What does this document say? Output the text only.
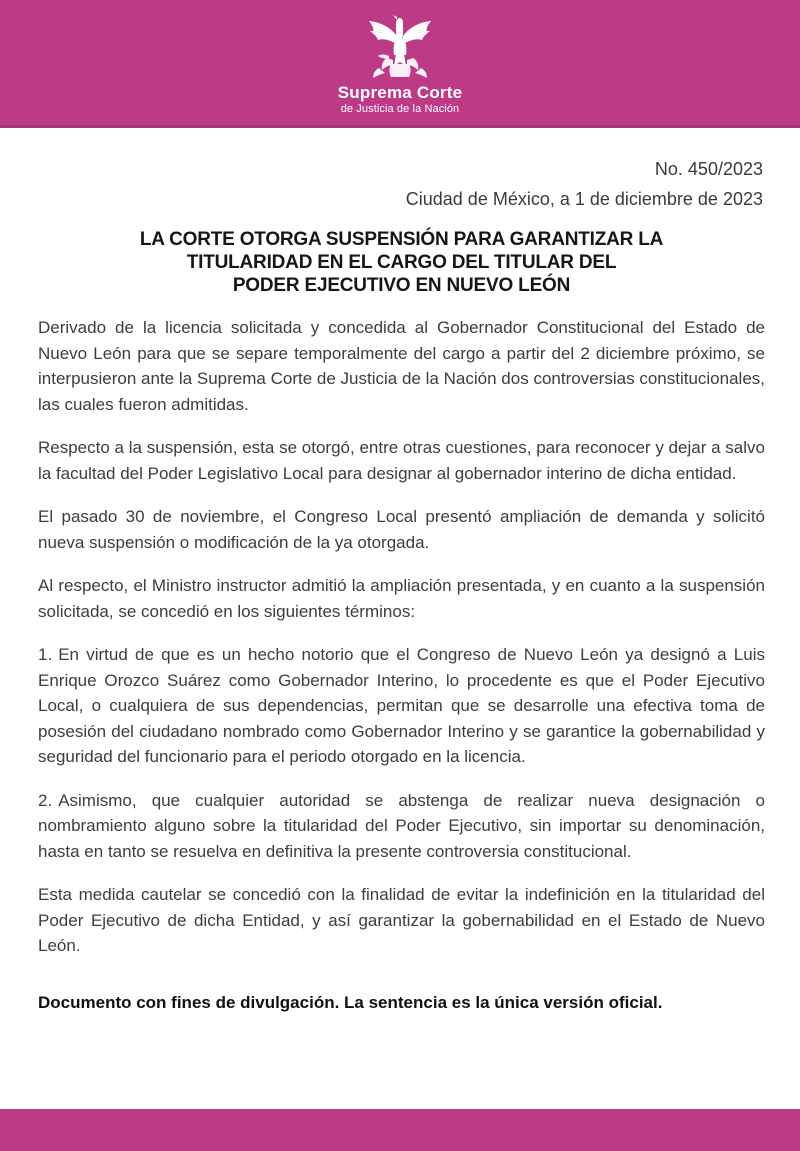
Suprema Corte
de Justicia de la Nación
No. 450/2023
Ciudad de México, a 1 de diciembre de 2023
LA CORTE OTORGA SUSPENSIÓN PARA GARANTIZAR LA
TITULARIDAD EN EL CARGO DEL TITULAR DEL
PODER EJECUTIVO EN NUEVO LEÓN

Derivado de la licencia solicitada y concedida al Gobernador Constitucional del Estado de Nuevo León para que se separe temporalmente del cargo a partir del 2 diciembre próximo, se interpusieron ante la Suprema Corte de Justicia de la Nación dos controversias constitucionales, las cuales fueron admitidas.

Respecto a la suspensión, esta se otorgó, entre otras cuestiones, para reconocer y dejar a salvo la facultad del Poder Legislativo Local para designar al gobernador interino de dicha entidad.

El pasado 30 de noviembre, el Congreso Local presentó ampliación de demanda y solicitó nueva suspensión o modificación de la ya otorgada.

Al respecto, el Ministro instructor admitió la ampliación presentada, y en cuanto a la suspensión solicitada, se concedió en los siguientes términos:

1. En virtud de que es un hecho notorio que el Congreso de Nuevo León ya designó a Luis Enrique Orozco Suárez como Gobernador Interino, lo procedente es que el Poder Ejecutivo Local, o cualquiera de sus dependencias, permitan que se desarrolle una efectiva toma de posesión del ciudadano nombrado como Gobernador Interino y se garantice la gobernabilidad y seguridad del funcionario para el periodo otorgado en la licencia.

2. Asimismo, que cualquier autoridad se abstenga de realizar nueva designación o nombramiento alguno sobre la titularidad del Poder Ejecutivo, sin importar su denominación, hasta en tanto se resuelva en definitiva la presente controversia constitucional.

Esta medida cautelar se concedió con la finalidad de evitar la indefinición en la titularidad del Poder Ejecutivo de dicha Entidad, y así garantizar la gobernabilidad en el Estado de Nuevo León.

Documento con fines de divulgación. La sentencia es la única versión oficial.
